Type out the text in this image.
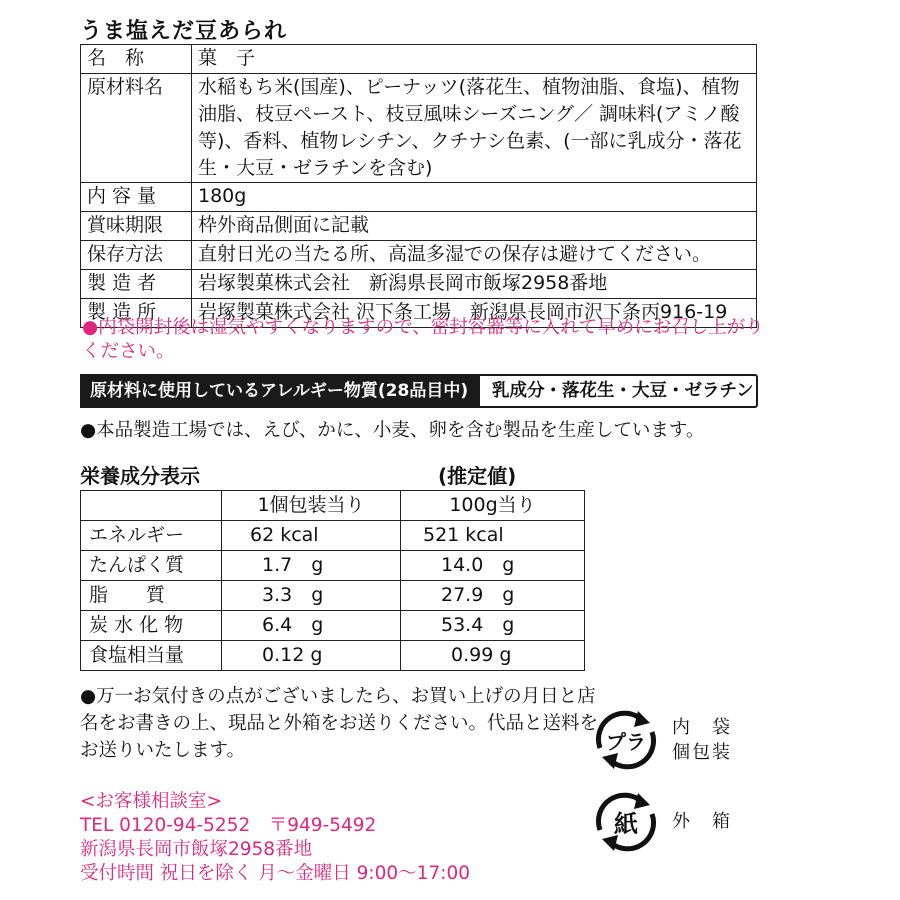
うま塩えだ豆あられ
名　称	菓　子
原材料名	水稲もち米(国産)、ピーナッツ(落花生、植物油脂、食塩)、植物油脂、枝豆ペースト、枝豆風味シーズニング／ 調味料(アミノ酸等)、香料、植物レシチン、クチナシ色素、(一部に乳成分・落花生・大豆・ゼラチンを含む)
内 容 量	180g
賞味期限	枠外商品側面に記載
保存方法	直射日光の当たる所、高温多湿での保存は避けてください。
製 造 者	岩塚製菓株式会社　新潟県長岡市飯塚2958番地
製 造 所	岩塚製菓株式会社 沢下条工場　新潟県長岡市沢下条丙916-19
●内袋開封後は湿気やすくなりますので、密封容器等に入れて早めにお召し上がりください。
原材料に使用しているアレルギー物質(28品目中)	乳成分・落花生・大豆・ゼラチン
●本品製造工場では、えび、かに、小麦、卵を含む製品を生産しています。
栄養成分表示	(推定値)
	1個包装当り	100g当り
エネルギー	62 kcal	521 kcal
たんぱく質	1.7　g	14.0　g
脂　　質	3.3　g	27.9　g
炭 水 化 物	6.4　g	53.4　g
食塩相当量	0.12 g	0.99 g
●万一お気付きの点がございましたら、お買い上げの月日と店名をお書きの上、現品と外箱をお送りください。代品と送料をお送りいたします。
<お客様相談室>
TEL 0120-94-5252　〒949-5492
新潟県長岡市飯塚2958番地
受付時間 祝日を除く 月〜金曜日 9:00〜17:00
プラ
内　袋
個包装
紙 外　箱
